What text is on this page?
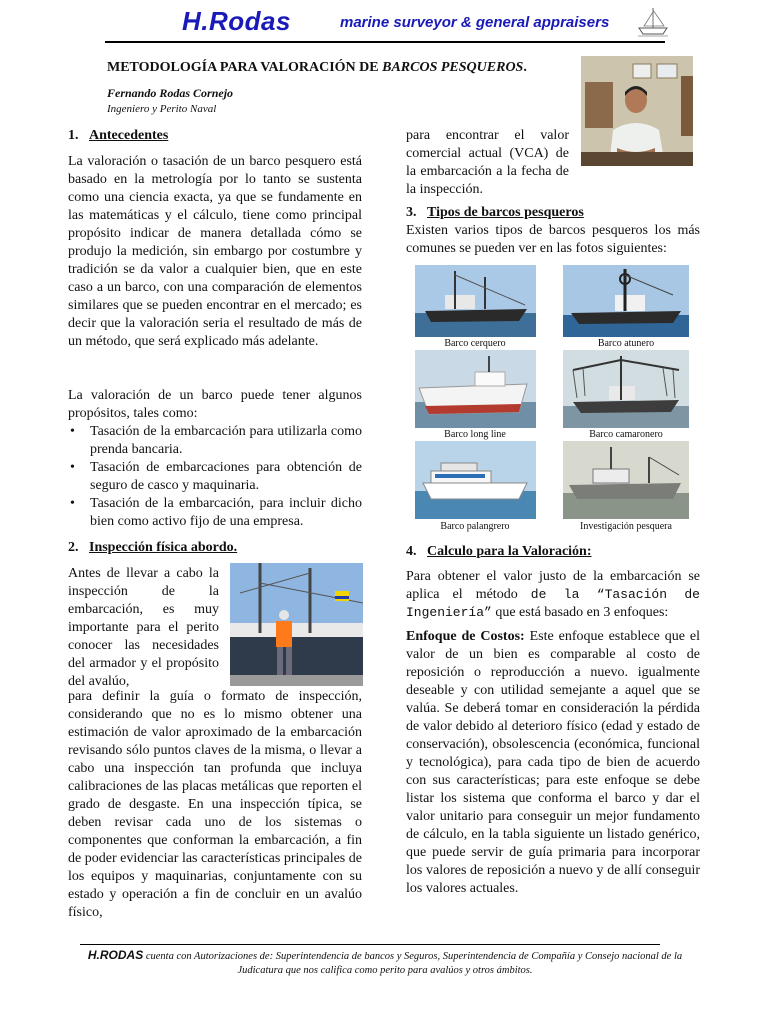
H.Rodas	marine surveyor & general appraisers
METODOLOGÍA PARA VALORACIÓN DE BARCOS PESQUEROS.
Fernando Rodas Cornejo
Ingeniero y Perito Naval
1. Antecedentes
La valoración o tasación de un barco pesquero está basado en la metrología por lo tanto se sustenta como una ciencia exacta, ya que se fundamente en las matemáticas y el cálculo, tiene como principal propósito indicar de manera detallada cómo se produjo la medición, sin embargo por costumbre y tradición se da valor a cualquier bien, que en este caso a un barco, con una comparación de elementos similares que se pueden encontrar en el mercado; es decir que la valoración seria el resultado de más de un método, que será explicado más adelante.
La valoración de un barco puede tener algunos propósitos, tales como:
• Tasación de la embarcación para utilizarla como prenda bancaria.
• Tasación de embarcaciones para obtención de seguro de casco y maquinaria.
• Tasación de la embarcación, para incluir dicho bien como activo fijo de una empresa.
2. Inspección física abordo.
Antes de llevar a cabo la inspección de la embarcación, es muy importante para el perito conocer las necesidades del armador y el propósito del avalúo,
para definir la guía o formato de inspección, considerando que no es lo mismo obtener una estimación de valor aproximado de la embarcación revisando sólo puntos claves de la misma, o llevar a cabo una inspección tan profunda que incluya calibraciones de las placas metálicas que reporten el grado de desgaste. En una inspección típica, se deben revisar cada uno de los sistemas o componentes que conforman la embarcación, a fin de poder evidenciar las características principales de los equipos y maquinarias, conjuntamente con su estado y operación a fin de concluir en un avalúo físico,
para encontrar el valor comercial actual (VCA) de la embarcación a la fecha de la inspección.
3. Tipos de barcos pesqueros
Existen varios tipos de barcos pesqueros los más comunes se pueden ver en las fotos siguientes:
Barco cerquero	Barco atunero
Barco long line	Barco camaronero
Barco palangrero	Investigación pesquera
4. Calculo para la Valoración:
Para obtener el valor justo de la embarcación se aplica el método de la “Tasación de Ingeniería” que está basado en 3 enfoques:
Enfoque de Costos: Este enfoque establece que el valor de un bien es comparable al costo de reposición o reproducción a nuevo. igualmente deseable y con utilidad semejante a aquel que se valúa. Se deberá tomar en consideración la pérdida de valor debido al deterioro físico (edad y estado de conservación), obsolescencia (económica, funcional y tecnológica), para cada tipo de bien de acuerdo con sus características; para este enfoque se debe listar los sistema que conforma el barco y dar el valor unitario para conseguir un mejor fundamento de cálculo, en la tabla siguiente un listado genérico, que puede servir de guía primaria para incorporar los valores de reposición a nuevo y de allí conseguir los valores actuales.
H.RODAS cuenta con Autorizaciones de: Superintendencia de bancos y Seguros, Superintendencia de Compañía y Consejo nacional de la Judicatura que nos califica como perito para avalúos y otros ámbitos.
